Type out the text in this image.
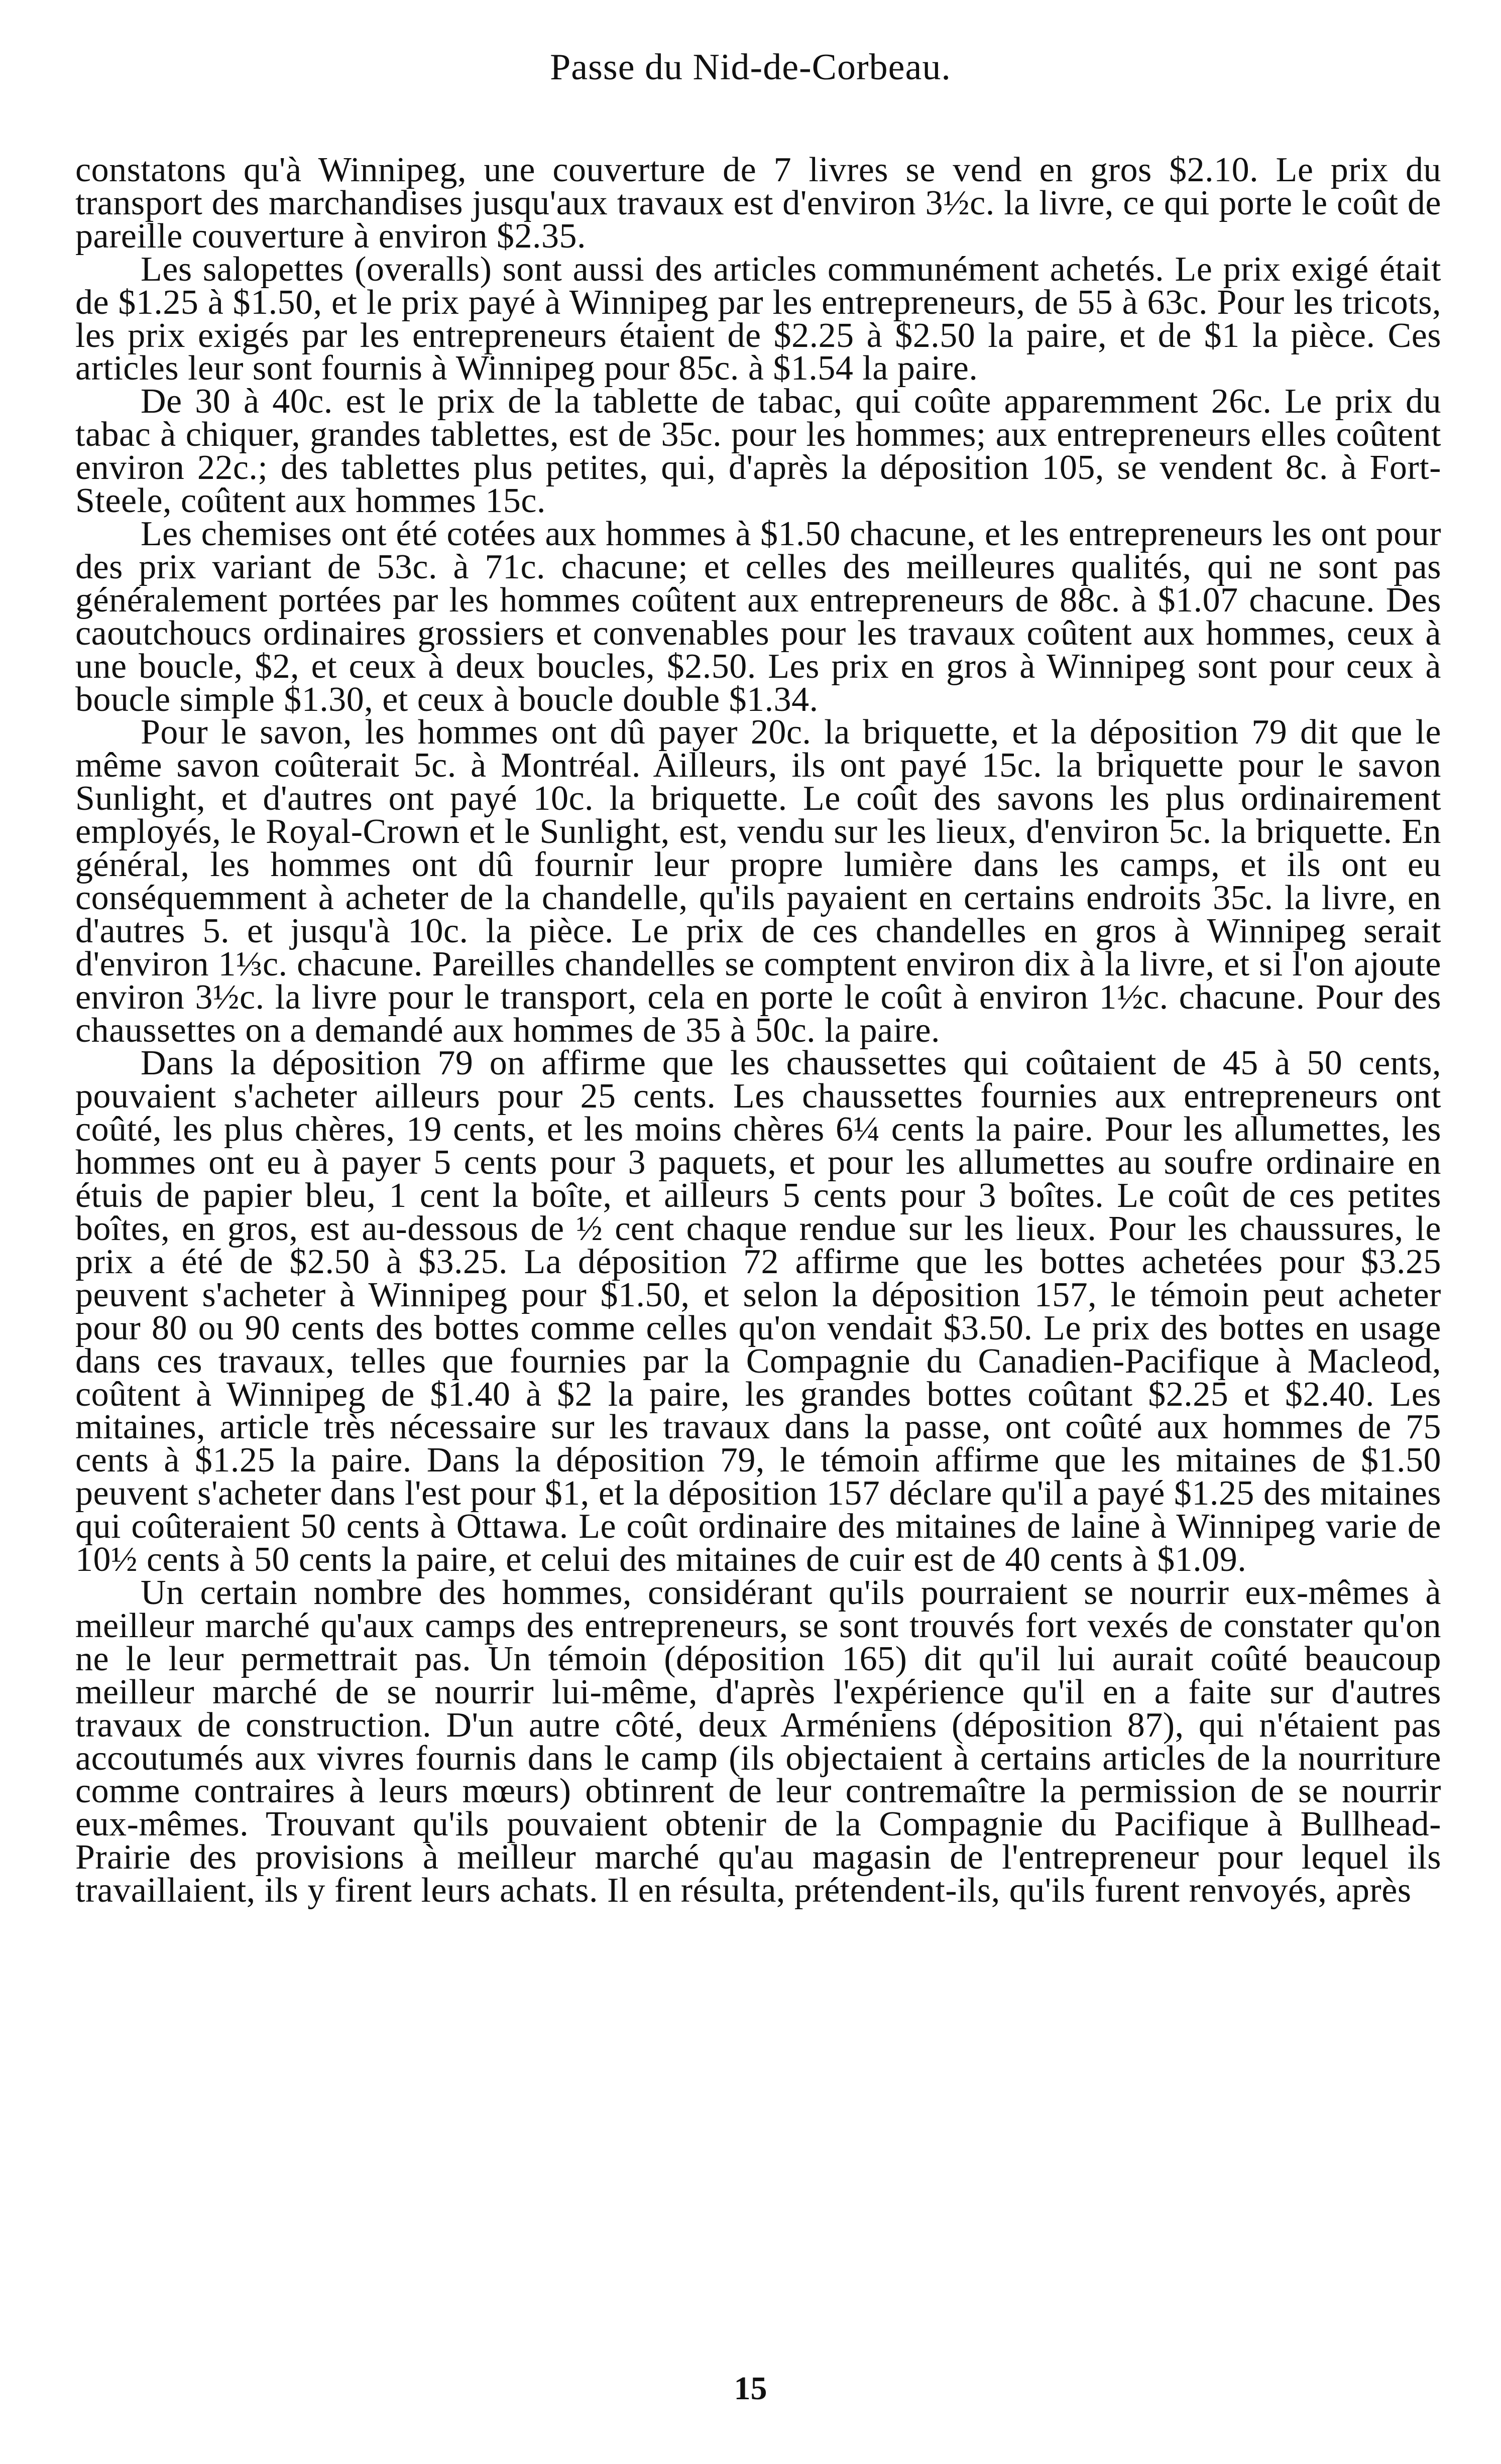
Passe du Nid-de-Corbeau.

constatons qu'à Winnipeg, une couverture de 7 livres se vend en gros $2.10. Le prix du transport des marchandises jusqu'aux travaux est d'environ 3½c. la livre, ce qui porte le coût de pareille couverture à environ $2.35.

Les salopettes (overalls) sont aussi des articles communément achetés. Le prix exigé était de $1.25 à $1.50, et le prix payé à Winnipeg par les entrepreneurs, de 55 à 63c. Pour les tricots, les prix exigés par les entrepreneurs étaient de $2.25 à $2.50 la paire, et de $1 la pièce. Ces articles leur sont fournis à Winnipeg pour 85c. à $1.54 la paire.

De 30 à 40c. est le prix de la tablette de tabac, qui coûte apparemment 26c. Le prix du tabac à chiquer, grandes tablettes, est de 35c. pour les hommes; aux entrepreneurs elles coûtent environ 22c.; des tablettes plus petites, qui, d'après la déposition 105, se vendent 8c. à Fort-Steele, coûtent aux hommes 15c.

Les chemises ont été cotées aux hommes à $1.50 chacune, et les entrepreneurs les ont pour des prix variant de 53c. à 71c. chacune; et celles des meilleures qualités, qui ne sont pas généralement portées par les hommes coûtent aux entrepreneurs de 88c. à $1.07 chacune. Des caoutchoucs ordinaires grossiers et convenables pour les travaux coûtent aux hommes, ceux à une boucle, $2, et ceux à deux boucles, $2.50. Les prix en gros à Winnipeg sont pour ceux à boucle simple $1.30, et ceux à boucle double $1.34.

Pour le savon, les hommes ont dû payer 20c. la briquette, et la déposition 79 dit que le même savon coûterait 5c. à Montréal. Ailleurs, ils ont payé 15c. la briquette pour le savon Sunlight, et d'autres ont payé 10c. la briquette. Le coût des savons les plus ordinairement employés, le Royal-Crown et le Sunlight, est, vendu sur les lieux, d'environ 5c. la briquette. En général, les hommes ont dû fournir leur propre lumière dans les camps, et ils ont eu conséquemment à acheter de la chandelle, qu'ils payaient en certains endroits 35c. la livre, en d'autres 5. et jusqu'à 10c. la pièce. Le prix de ces chandelles en gros à Winnipeg serait d'environ 1⅓c. chacune. Pareilles chandelles se comptent environ dix à la livre, et si l'on ajoute environ 3½c. la livre pour le transport, cela en porte le coût à environ 1½c. chacune. Pour des chaussettes on a demandé aux hommes de 35 à 50c. la paire.

Dans la déposition 79 on affirme que les chaussettes qui coûtaient de 45 à 50 cents, pouvaient s'acheter ailleurs pour 25 cents. Les chaussettes fournies aux entrepreneurs ont coûté, les plus chères, 19 cents, et les moins chères 6¼ cents la paire. Pour les allumettes, les hommes ont eu à payer 5 cents pour 3 paquets, et pour les allumettes au soufre ordinaire en étuis de papier bleu, 1 cent la boîte, et ailleurs 5 cents pour 3 boîtes. Le coût de ces petites boîtes, en gros, est au-dessous de ½ cent chaque rendue sur les lieux. Pour les chaussures, le prix a été de $2.50 à $3.25. La déposition 72 affirme que les bottes achetées pour $3.25 peuvent s'acheter à Winnipeg pour $1.50, et selon la déposition 157, le témoin peut acheter pour 80 ou 90 cents des bottes comme celles qu'on vendait $3.50. Le prix des bottes en usage dans ces travaux, telles que fournies par la Compagnie du Canadien-Pacifique à Macleod, coûtent à Winnipeg de $1.40 à $2 la paire, les grandes bottes coûtant $2.25 et $2.40. Les mitaines, article très nécessaire sur les travaux dans la passe, ont coûté aux hommes de 75 cents à $1.25 la paire. Dans la déposition 79, le témoin affirme que les mitaines de $1.50 peuvent s'acheter dans l'est pour $1, et la déposition 157 déclare qu'il a payé $1.25 des mitaines qui coûteraient 50 cents à Ottawa. Le coût ordinaire des mitaines de laine à Winnipeg varie de 10½ cents à 50 cents la paire, et celui des mitaines de cuir est de 40 cents à $1.09.

Un certain nombre des hommes, considérant qu'ils pourraient se nourrir eux-mêmes à meilleur marché qu'aux camps des entrepreneurs, se sont trouvés fort vexés de constater qu'on ne le leur permettrait pas. Un témoin (déposition 165) dit qu'il lui aurait coûté beaucoup meilleur marché de se nourrir lui-même, d'après l'expérience qu'il en a faite sur d'autres travaux de construction. D'un autre côté, deux Arméniens (déposition 87), qui n'étaient pas accoutumés aux vivres fournis dans le camp (ils objectaient à certains articles de la nourriture comme contraires à leurs mœurs) obtinrent de leur contremaître la permission de se nourrir eux-mêmes. Trouvant qu'ils pouvaient obtenir de la Compagnie du Pacifique à Bullhead-Prairie des provisions à meilleur marché qu'au magasin de l'entrepreneur pour lequel ils travaillaient, ils y firent leurs achats. Il en résulta, prétendent-ils, qu'ils furent renvoyés, après

15
